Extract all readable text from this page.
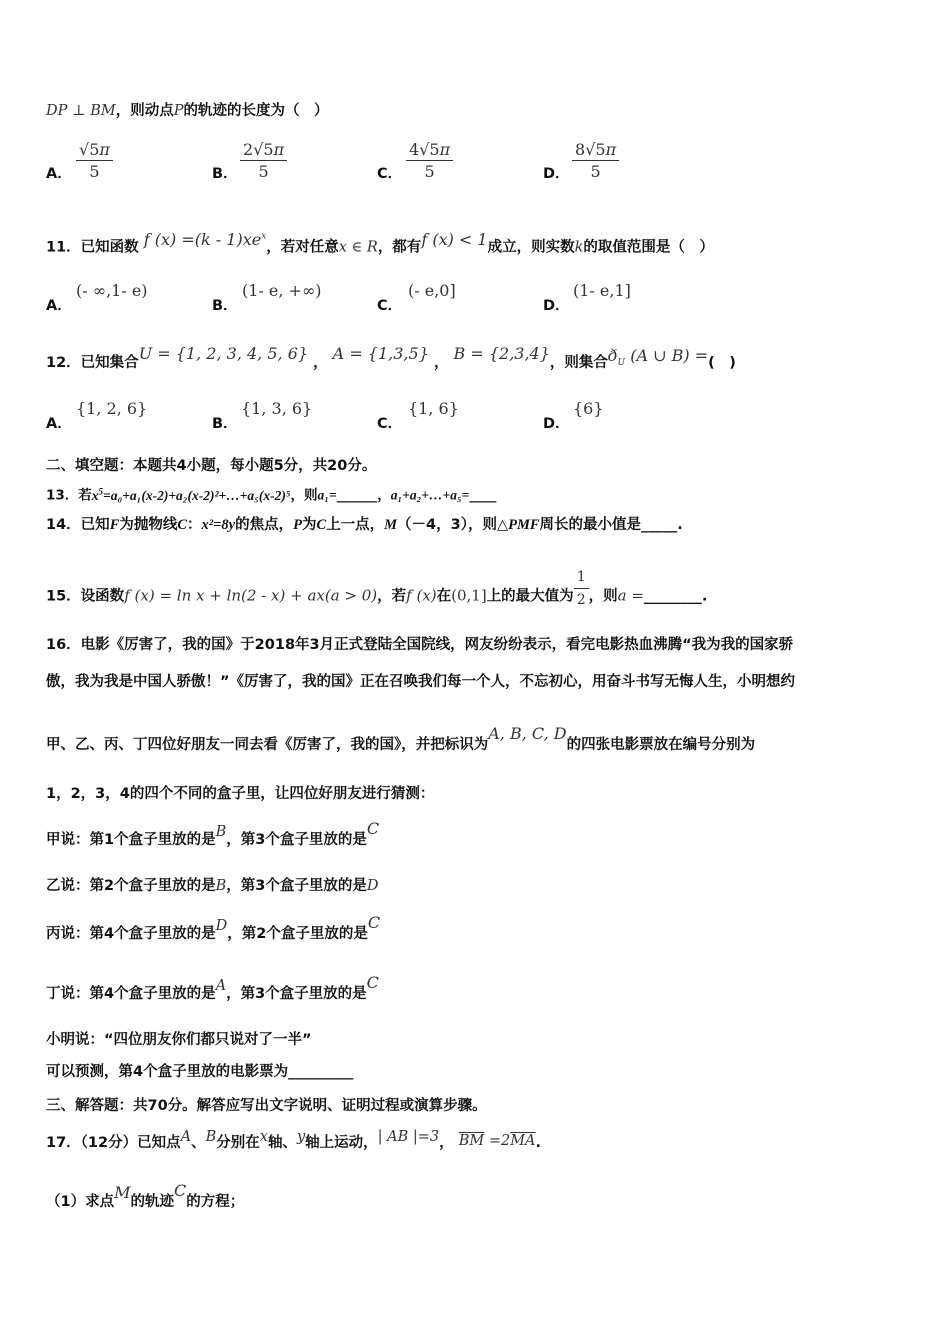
DP ⊥ BM，则动点P的轨迹的长度为（　）
A． $\frac{√5\pi}{5}$	B． $\frac{2√5\pi}{5}$	C． $\frac{4√5\pi}{5}$	D． $\frac{8√5\pi}{5}$
11．已知函数 f $(x) =(k - 1)xe^x$，若对任意x ∈ R，都有f (x) < 1成立，则实数k的取值范围是（　）
A．
(- ∞,1- e)
B．
(1- e, +∞)
C．
(- e,0]
D．
(1- e,1]
12．已知集合U = {1, 2, 3, 4, 5, 6} ， A = {1,3,5} ， B = {2,3,4}，则集合$ð_U$ (A ∪ B) =(　)
A．
{1, 2, 6}
B．
{1, 3, 6}
C．
{1, 6}
D．
{6}
二、填空题：本题共4小题，每小题5分，共20分。
13．若$x^5=a_0+a_1(x-2)+a_2(x-2)^2+\dots+a_5(x-2)^5$，则a₁=______，a₁+a₂+…+a₅=____
14．已知F为抛物线C：x²=8y的焦点，P为C上一点，M（－4，3），则△PMF周长的最小值是_____.
15．设函数f (x) = ln x + ln(2 - x) + ax(a > 0)，若f (x)在(0,1]上的最大值为 $\frac{1}{2}$ ，则a =________.
16．电影《厉害了，我的国》于2018年3月正式登陆全国院线，网友纷纷表示，看完电影热血沸腾“我为我的国家骄
傲，我为我是中国人骄傲！”《厉害了，我的国》正在召唤我们每一个人，不忘初心，用奋斗书写无悔人生，小明想约
甲、乙、丙、丁四位好朋友一同去看《厉害了，我的国》，并把标识为A, B, C, D的四张电影票放在编号分别为
1，2，3，4的四个不同的盒子里，让四位好朋友进行猜测：
甲说：第1个盒子里放的是B，第3个盒子里放的是C
乙说：第2个盒子里放的是B，第3个盒子里放的是D
丙说：第4个盒子里放的是D，第2个盒子里放的是C
丁说：第4个盒子里放的是A，第3个盒子里放的是C
小明说：“四位朋友你们都只说对了一半”
可以预测，第4个盒子里放的电影票为_________
三、解答题：共70分。解答应写出文字说明、证明过程或演算步骤。
17．（12分）已知点A、B分别在x轴、y轴上运动，| AB |=3， $\overline{BM} =2\overline{MA}$.
（1）求点M的轨迹C的方程；
